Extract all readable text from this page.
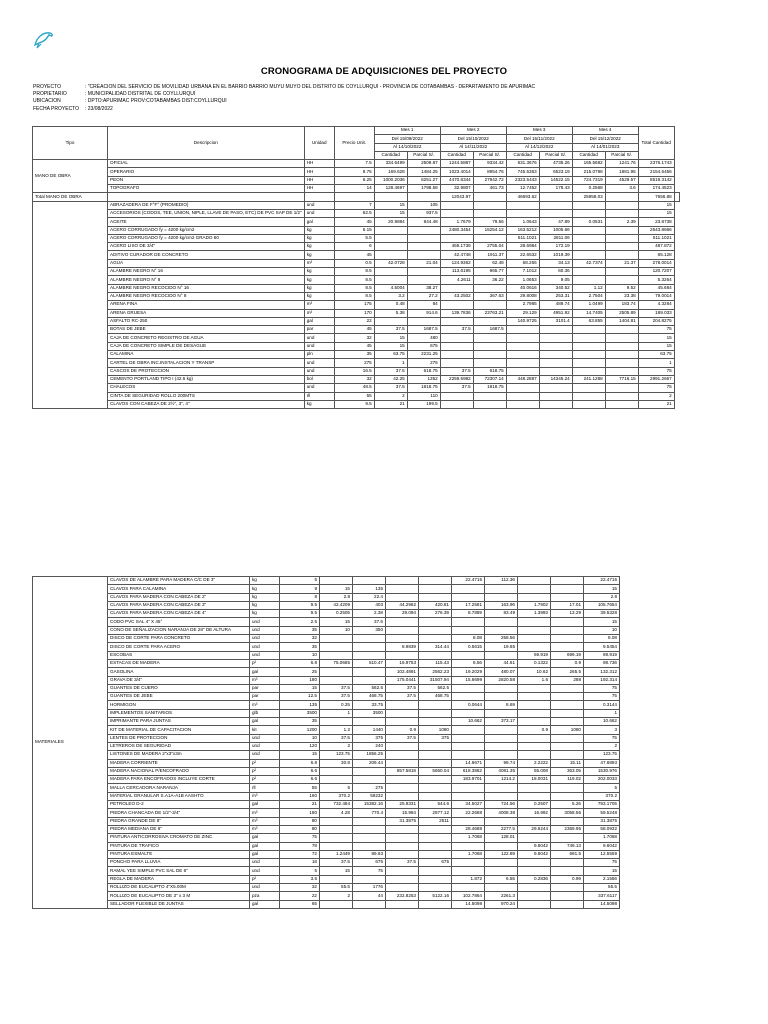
CRONOGRAMA DE ADQUISICIONES DEL PROYECTO
PROYECTO	: "CREACION DEL SERVICIO DE MOVILIDAD URBANA EN EL BARRIO BARRIO MUYU MUYO DEL DISTRITO DE COYLLURQUI - PROVINCIA DE COTABAMBAS - DEPARTAMENTO DE APURIMAC
PROPIETARIO	: MUNICIPALIDAD DISTRITAL DE COYLLURQUI
UBICACION	: DPTO:APURIMAC PROV:COTABAMBAS DIST:COYLLURQUI
FECHA PROYECTO	: 23/08/2022
Tipo	Descripcion	Unidad	Precio Unit.	Mes 1		Mes 2		Mes 3		Mes 4		Total Cantidad	
				Del 15/09/2022		Del 15/10/2022		Del 15/11/2022		Del 15/12/2022			
				Al 14/10/2022		Al 14/11/2022		Al 14/12/2022		Al 14/01/2023			
				Cantidad	Parcial S/.	Cantidad	Parcial S/.	Cantidad	Parcial S/.	Cantidad	Parcial S/.		
MANO DE OBRA	OFICIAL	HH	7.5	334.6499	2509.87	1244.5887	9334.42	631.3676	4735.26	165.5682	1241.76	2376.1743	
	OPERARIO	HH	8.75	169.628	1484.25	1023.4014	8954.76	745.5363	6523.19	215.0798	1881.95	2154.6456	
	PEON	HH	6.25	1000.2036	6251.27	4470.8344	27942.72	2323.5443	14522.15	724.7319	4529.57	8519.3142	
	TOPOGRAFO	HH	14	128.4697	1798.58	32.9807	461.73	12.7452	178.43	0.2568	3.6	174.4523	
Total MANO DE OBRA						12043.97		46693.62		25958.03		7656.88	
	ABRAZADERA DE F°F° (PROMEDIO)	und	7	15	105							15	
	ACCESORIOS (CODOS, TEE, UNION, NIPLE, LLAVE DE PASO, ETC) DE PVC SAP DE 1/2"	und	62.5	15	937.5							15	
	ACEITE	gal	45	20.9884	944.48	1.7679	79.56	1.0643	47.89	0.0531	2.39	23.8738	
	ACERO CORRUGADO fy = 4200 kg/cm2	kg	6.15			2480.3454	15254.12	163.5212	1005.66			2643.8666	
	ACERO CORRUGADO fy = 4200 kg/cm2 GRADO 60	kg	5.5					511.1021	2811.06			511.1021	
	ACERO LISO DE 3/4"	kg	6			459.1736	2755.04	28.6984	172.19			487.872	
	ADITIVO CURADOR DE CONCRETO	kg	45			42.4748	1911.37	22.6532	1019.39			65.128	
	AGUA	m³	0.5	42.0728	21.04	124.9362	62.48	68.265	34.13	42.7374	21.37	278.0014	
	ALAMBRE NEGRO N° 16	kg	8.5			113.6195	965.77	7.1012	60.36			120.7207	
	ALAMBRE NEGRO N° 8	kg	8.5			4.2611	36.22	1.0653	9.05			5.3264	
	ALAMBRE NEGRO RECOCIDO N° 16	kg	8.5	4.5004	38.27			40.0616	340.52	1.12	9.52	45.684	
	ALAMBRE NEGRO RECOCIDO N° 8	kg	8.5	3.2	27.2	43.2502	367.63	29.8008	253.31	2.7504	23.38	79.0014	
	ARENA FINA	m³	175	0.48	84			2.7985	489.74	1.0499	183.74	4.3284	
	ARENA GRUESA	m³	170	5.38	914.6	139.7836	23763.21	29.129	4951.92	14.7405	2505.89	189.033	
	ASFALTO RC-250	gal	22					140.9725	3101.4	63.855	1404.81	204.8275	
	BOTAS DE JEBE	par	45	37.5	1687.5	37.5	1687.5					75	
	CAJA DE CONCRETO REGISTRO DE AGUA	und	32	15	480							15	
	CAJA DE CONCRETO SIMPLE DE DESAGUE	und	45	15	675							15	
	CALAMINA	pln	35	63.75	2231.25							63.75	
	CARTEL DE OBRA INC.INSTALACION Y TRANSP	und	275	1	275							1	
	CASCOS DE PROTECCION	und	16.5	37.5	618.75	37.5	618.75					75	
	CEMENTO PORTLAND TIPO I (42.5 kg)	bol	32	42.25	1352	2259.5982	72307.14	448.2887	14345.24	241.1288	7716.15	2991.2667	
	CHALECOS	und	48.5	37.5	1818.75	37.5	1818.75					75	
	CINTA DE SEGURIDAD ROLLO 200MTS	rll	55	2	110							2	
	CLAVOS CON CABEZA DE 2½", 3", 4"	kg	9.5	21	199.5							21	
MATERIALES	CLAVOS DE ALAMBRE PARA MADERA C/C DE 3"	kg	5					22.4715	112.36			22.4715
	CLAVOS PARA CALAMINA	kg	9	15	135							15
	CLAVOS PARA MADERA CON CABEZA DE 2"	kg	8	2.8	22.4							2.8
	CLAVOS PARA MADERA CON CABEZA DE 3"	kg	9.5	42.4209	403	44.2962	420.81	17.2581	163.96	1.7902	17.01	105.7654
	CLAVOS PARA MADERA CON CABEZA DE 4"	kg	9.5	0.2505	2.38	29.094	276.39	8.7889	83.49	1.3993	13.29	39.5328
	CODO PVC SAL 4" X 45°	und	2.5	15	37.5							15
	CONO DE SEÑALIZACION NARANJA DE 28" DE ALTURA	und	35	10	350							10
	DISCO DE CORTE PARA CONCRETO	und	32					8.08	258.56			8.08
	DISCO DE CORTE PARA ACERO	und	35			8.9839	314.44	0.5615	19.65			9.5454
	ESCOBAS	und	10							69.919	699.19	69.919
	ESTACAS DE MADERA	p²	6.8	75.0685	510.47	16.9753	115.43	6.56	44.61	0.1322	0.9	98.736
	GASOLINA	gal	25			102.4891	2562.23	19.2029	480.07	10.62	265.5	132.312
	GRAVA DE 3/4"	m³	180			175.0441	31507.94	15.6699	2820.58	1.6	288	192.314
	GUANTES DE CUERO	par	15	37.5	562.5	37.5	562.5					75
	GUANTES DE JEBE	par	12.5	37.5	468.75	37.5	468.75					75
	HORMIGON	m³	135	0.25	33.75			0.0644	8.69			0.3144
	IMPLEMENTOS SANITARIOS	glb	3500	1	3500							1
	IMPRIMANTE PARA JUNTAS	gal	35					10.662	373.17			10.662
	KIT DE MATERIAL DE CAPACITACION	kit	1200	1.2	1440	0.9	1080			0.9	1080	3
	LENTES DE PROTECCION	und	10	37.5	375	37.5	375					75
	LETREROS DE SEGURIDAD	und	120	2	240							2
	LISTONES DE MADERA 2"x3"x3m	und	15	123.75	1856.25							123.75
	MADERA CORRIENTE	p²	6.8	30.8	209.44			14.6671	99.74	2.2222	15.11	47.6893
	MADERA NACIONAL P/ENCOFRADO	p²	6.6			857.5818	5660.04	618.3862	4081.35	55.008	363.05	1530.976
	MADERA PARA ENCOFRADOS INCLUYE CORTE	p²	6.6					183.9701	1214.2	18.0031	119.02	202.0033
	MALLA CERCADORA NARANJA	rll	55	5	275							5
	MATERIAL GRANULAR S.A1A-A1B AASHTO	m³	160	370.2	59232							370.2
	PETROLEO D-2	gal	21	732.484	15382.16	25.9331	544.6	34.5027	724.56	0.2507	5.26	793.1705
	PIEDRA CHANCADA DE 1/2"-3/4"	m³	180	4.28	770.4	15.984	2877.12	22.2688	4008.38	16.992	3058.56	59.5248
	PIEDRA GRANDE DE 8"	m³	80			31.3875	2511					31.3875
	PIEDRA MEDIANA DE 6"	m³	80					28.4688	2277.5	29.6244	2369.95	58.0932
	PINTURA ANTICORROSIVA CROMATO DE ZINC	gal	75					1.7068	128.01			1.7068
	PINTURA DE TRAFICO	gal	78							9.6042	749.13	9.6042
	PINTURA ESMALTE	gal	72	1.2449	89.63			1.7068	122.89	9.6042	691.5	12.5559
	PONCHO PARA LLUVIA	und	18	37.5	675	37.5	675					75
	RAMAL YEE SIMPLE PVC SAL DE 6"	und	5	15	75							15
	REGLA DE MADERA	p²	3.5					1.872	6.55	0.2836	0.99	2.1556
	ROLLIZO DE EUCALIPTO 4"X5.00M	und	32	55.5	1776							55.5
	ROLLIZO DE EUCALIPTO DE 3" x 3 M	pza	22	2	44	232.8253	5122.16	102.7864	2261.3			337.6117
	SELLADOR FLEXIBLE DE JUNTAS	gal	65					14.5098	970.24			14.5098
